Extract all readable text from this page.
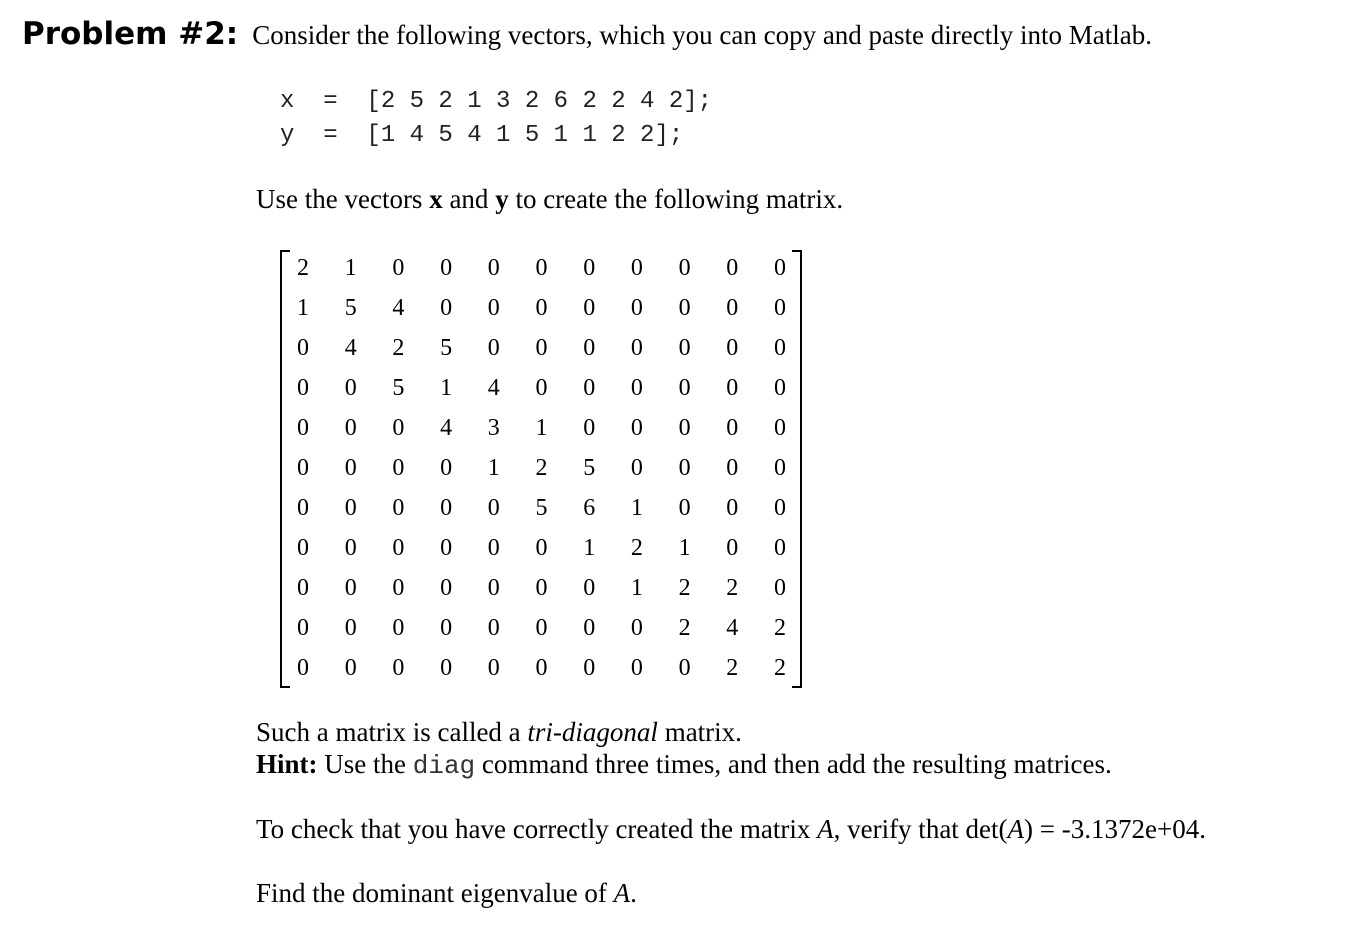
Problem #2: Consider the following vectors, which you can copy and paste directly into Matlab.
x  =  [2 5 2 1 3 2 6 2 2 4 2];
y  =  [1 4 5 4 1 5 1 1 2 2];
Use the vectors x and y to create the following matrix.
2	1	0	0	0	0	0	0	0	0	0
1	5	4	0	0	0	0	0	0	0	0
0	4	2	5	0	0	0	0	0	0	0
0	0	5	1	4	0	0	0	0	0	0
0	0	0	4	3	1	0	0	0	0	0
0	0	0	0	1	2	5	0	0	0	0
0	0	0	0	0	5	6	1	0	0	0
0	0	0	0	0	0	1	2	1	0	0
0	0	0	0	0	0	0	1	2	2	0
0	0	0	0	0	0	0	0	2	4	2
0	0	0	0	0	0	0	0	0	2	2
Such a matrix is called a tri-diagonal matrix.
Hint: Use the diag command three times, and then add the resulting matrices.
To check that you have correctly created the matrix A, verify that det(A) = -3.1372e+04.
Find the dominant eigenvalue of A.
